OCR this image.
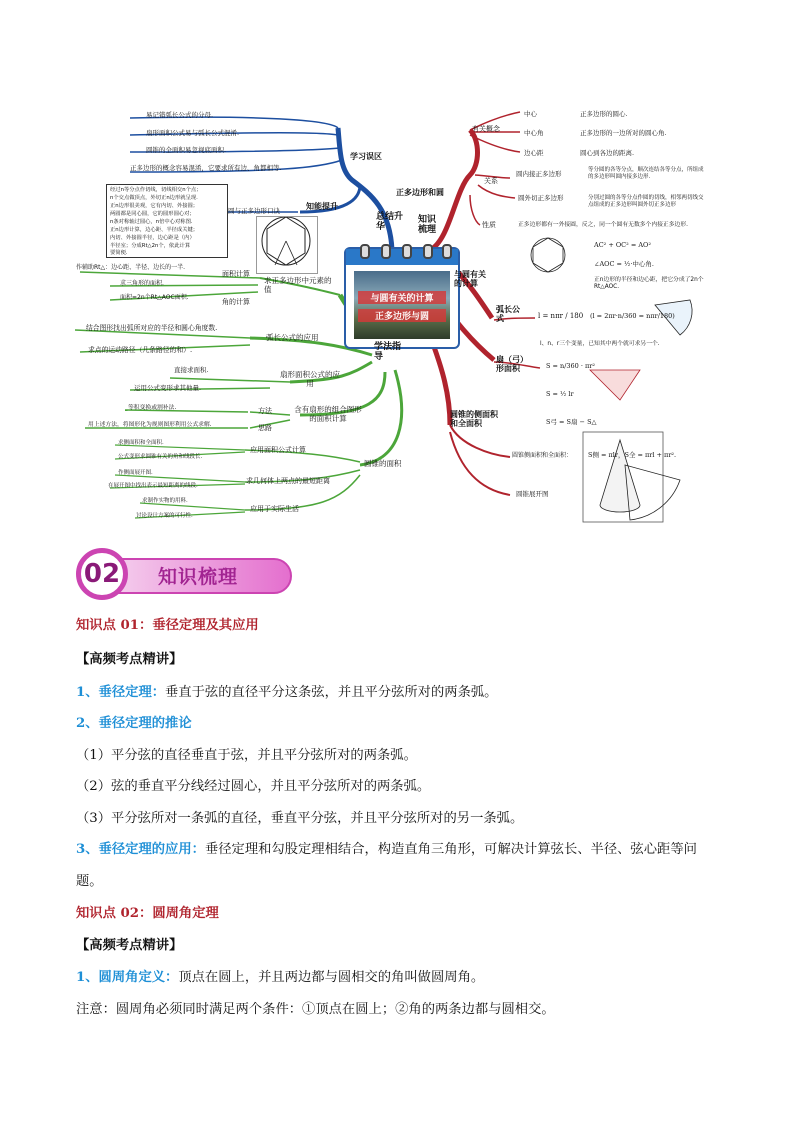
与圆有关的计算
正多边形与圆
知识梳理
总结升华
学法指导
正多边形和圆
与圆有关的计算
弧长公式
扇（弓）形面积
圆锥的侧面积和全面积
学习误区
知能提升
易记错弧长公式的分母.
扇形面积公式易与弧长公式混淆.
圆锥的全面积易忽视底面积.
正多边形的概念容易混淆，它要求所有边、角都相等.
圆与正多边形口诀
经过n等分点作切线，切线相交n个点；
n个交点做顶点，外切正n边形就呈现.
正n边形很美观，它有内切、外接圆；
两圆都是同心圆，它的圆形圆心对；
n条对称轴过圆心，n倍中心对称图.
正n边形计算，边心距、半径成关键；
内切、外接圆半径，边心距是（内）
半径室；分成Rt△2n个，依此计算
要简便.
有关概念
中心	正多边形的圆心.
中心角	正多边形的一边所对的圆心角.
边心距	圆心到各边的距离.
关系
圆内接正多边形	等分圆的各等分点，顺次连结各等分点，所组成的多边形叫圆内接多边形.
圆外切正多边形	分别过圆的各等分点作圆的切线，相邻两切线交点组成的正多边形叫圆外切正多边形
性质	正多边形都有一外接圆，反之，同一个圆有无数多个内接正多边形.
AC² + OC² = AO²
∠AOC = ½·中心角.
正n边形的半径和边心距，把它分成了2n个Rt△AOC.
l = nπr / 180 (l = 2πr·n/360 = nπr/180)
l、n、r三个变量，已知其中两个就可求另一个.
S = n/360 · πr²
S = ½ lr
S弓 = S扇 − S△
圆锥侧面积和全面积： S侧 = πlr，S全 = πrl + πr².
圆锥展开图
求正多边形中元素的值
面积计算
角的计算
作辅助Rt△：边心距、半径、边长的一半.
求三角形的面积.
面积=2n个Rt△AOC面积.
弧长公式的应用
结合图形找出弧所对应的半径和圆心角度数.
求点的运动路径（几条路径的和）.
扇形面积公式的应用
直接求面积.
运用公式变形求其他量.
含有扇形的组合图形的面积计算
方法
思路
等积变换或割补法.
用上述方法，将图形化为规则图形利用公式求解.
圆锥的面积
应用面积公式计算
求几何体上两点的最短距离
应用于实际生活
求侧面积和全面积.
公式变形求圆锥有关的角和线段长.
作侧面展开图.
在展开图中找出表示最短距离的线段.
求制作实物的用料.
讨论设计方案的可行性.
02	知识梳理
知识点 01：垂径定理及其应用
【高频考点精讲】
1、垂径定理：垂直于弦的直径平分这条弦，并且平分弦所对的两条弧。
2、垂径定理的推论
（1）平分弦的直径垂直于弦，并且平分弦所对的两条弧。
（2）弦的垂直平分线经过圆心，并且平分弦所对的两条弧。
（3）平分弦所对一条弧的直径，垂直平分弦，并且平分弦所对的另一条弧。
3、垂径定理的应用：垂径定理和勾股定理相结合，构造直角三角形，可解决计算弦长、半径、弦心距等问
题。
知识点 02：圆周角定理
【高频考点精讲】
1、圆周角定义：顶点在圆上，并且两边都与圆相交的角叫做圆周角。
注意：圆周角必须同时满足两个条件：①顶点在圆上；②角的两条边都与圆相交。
